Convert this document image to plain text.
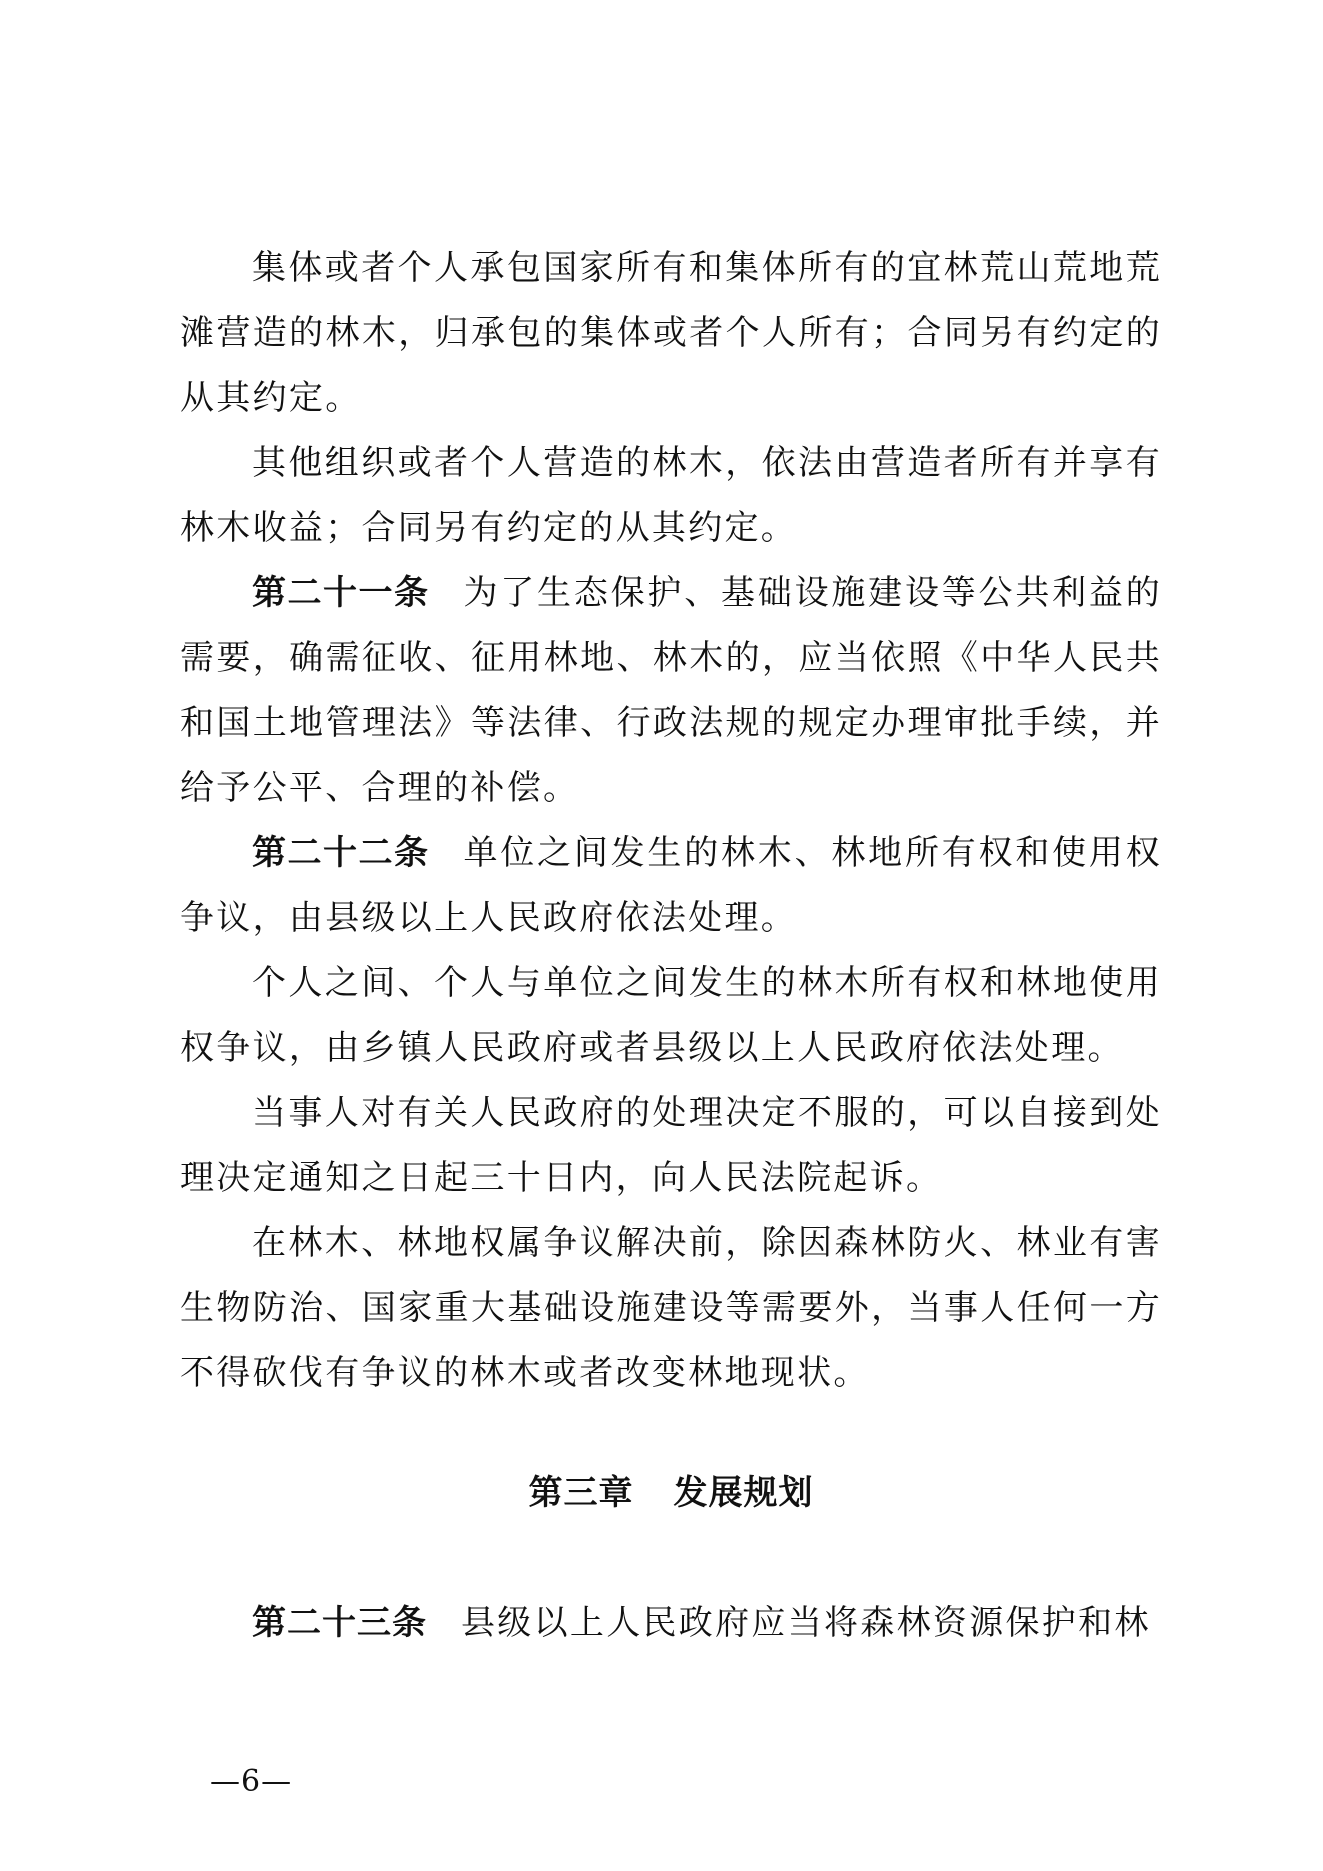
集体或者个人承包国家所有和集体所有的宜林荒山荒地荒滩营造的林木，归承包的集体或者个人所有；合同另有约定的从其约定。

其他组织或者个人营造的林木，依法由营造者所有并享有林木收益；合同另有约定的从其约定。

第二十一条 为了生态保护、基础设施建设等公共利益的需要，确需征收、征用林地、林木的，应当依照《中华人民共和国土地管理法》等法律、行政法规的规定办理审批手续，并给予公平、合理的补偿。

第二十二条 单位之间发生的林木、林地所有权和使用权争议，由县级以上人民政府依法处理。

个人之间、个人与单位之间发生的林木所有权和林地使用权争议，由乡镇人民政府或者县级以上人民政府依法处理。

当事人对有关人民政府的处理决定不服的，可以自接到处理决定通知之日起三十日内，向人民法院起诉。

在林木、林地权属争议解决前，除因森林防火、林业有害生物防治、国家重大基础设施建设等需要外，当事人任何一方不得砍伐有争议的林木或者改变林地现状。

第三章 发展规划

第二十三条 县级以上人民政府应当将森林资源保护和林

—6—
